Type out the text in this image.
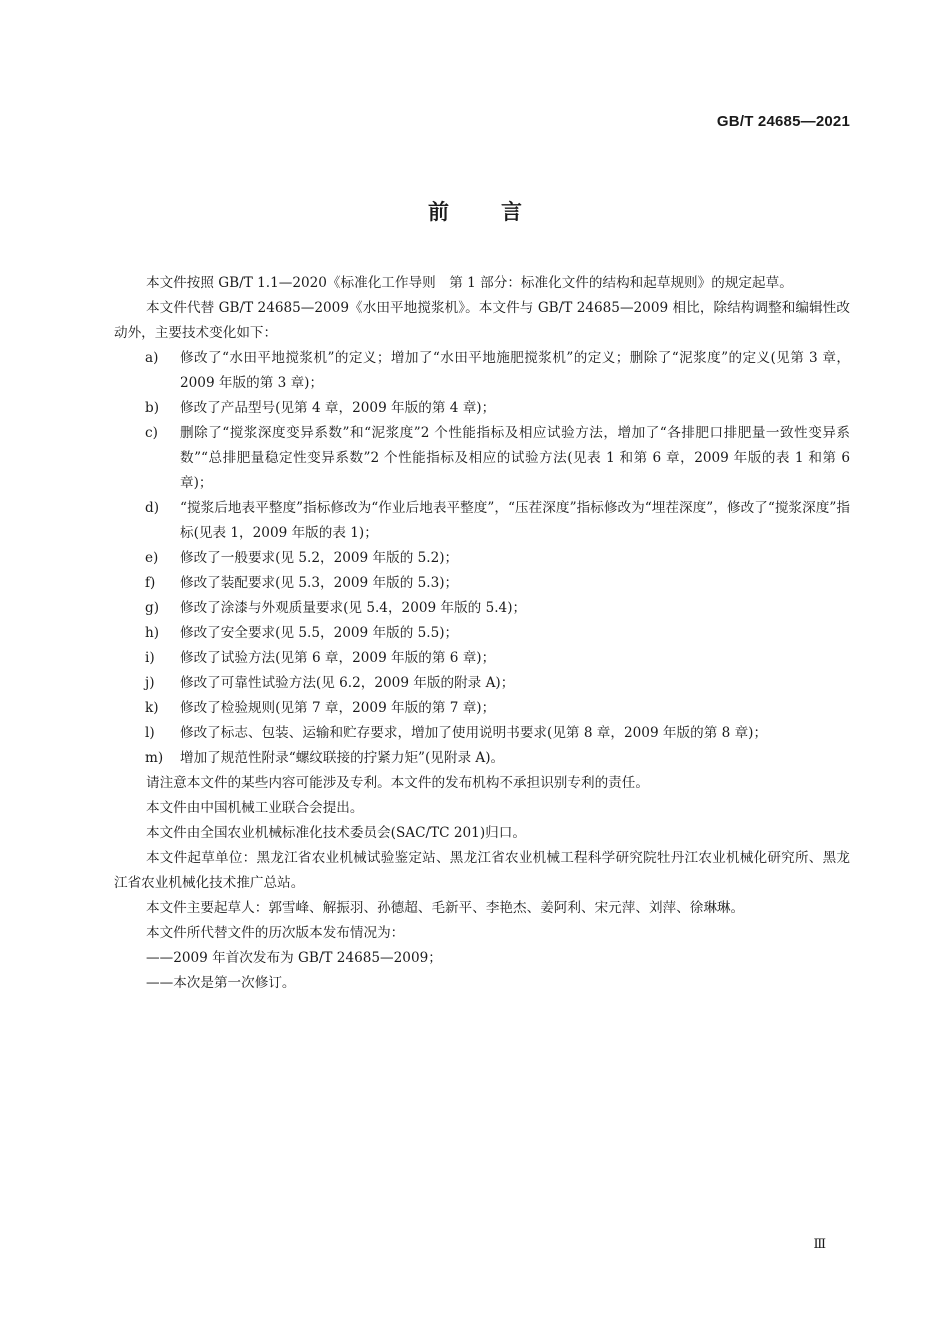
GB/T 24685—2021
前 言

本文件按照 GB/T 1.1—2020《标准化工作导则　第 1 部分：标准化文件的结构和起草规则》的规定起草。

本文件代替 GB/T 24685—2009《水田平地搅浆机》。本文件与 GB/T 24685—2009 相比，除结构调整和编辑性改动外，主要技术变化如下：

a) 修改了“水田平地搅浆机”的定义；增加了“水田平地施肥搅浆机”的定义；删除了“泥浆度”的定义(见第 3 章，2009 年版的第 3 章)；
b) 修改了产品型号(见第 4 章，2009 年版的第 4 章)；
c) 删除了“搅浆深度变异系数”和“泥浆度”2 个性能指标及相应试验方法，增加了“各排肥口排肥量一致性变异系数”“总排肥量稳定性变异系数”2 个性能指标及相应的试验方法(见表 1 和第 6 章，2009 年版的表 1 和第 6 章)；
d) “搅浆后地表平整度”指标修改为“作业后地表平整度”，“压茬深度”指标修改为“埋茬深度”，修改了“搅浆深度”指标(见表 1，2009 年版的表 1)；
e) 修改了一般要求(见 5.2，2009 年版的 5.2)；
f) 修改了装配要求(见 5.3，2009 年版的 5.3)；
g) 修改了涂漆与外观质量要求(见 5.4，2009 年版的 5.4)；
h) 修改了安全要求(见 5.5，2009 年版的 5.5)；
i) 修改了试验方法(见第 6 章，2009 年版的第 6 章)；
j) 修改了可靠性试验方法(见 6.2，2009 年版的附录 A)；
k) 修改了检验规则(见第 7 章，2009 年版的第 7 章)；
l) 修改了标志、包装、运输和贮存要求，增加了使用说明书要求(见第 8 章，2009 年版的第 8 章)；
m) 增加了规范性附录“螺纹联接的拧紧力矩”(见附录 A)。

请注意本文件的某些内容可能涉及专利。本文件的发布机构不承担识别专利的责任。

本文件由中国机械工业联合会提出。

本文件由全国农业机械标准化技术委员会(SAC/TC 201)归口。

本文件起草单位：黑龙江省农业机械试验鉴定站、黑龙江省农业机械工程科学研究院牡丹江农业机械化研究所、黑龙江省农业机械化技术推广总站。

本文件主要起草人：郭雪峰、解振羽、孙德超、毛新平、李艳杰、姜阿利、宋元萍、刘萍、徐琳琳。

本文件所代替文件的历次版本发布情况为：

——2009 年首次发布为 GB/T 24685—2009；

——本次是第一次修订。

Ⅲ
